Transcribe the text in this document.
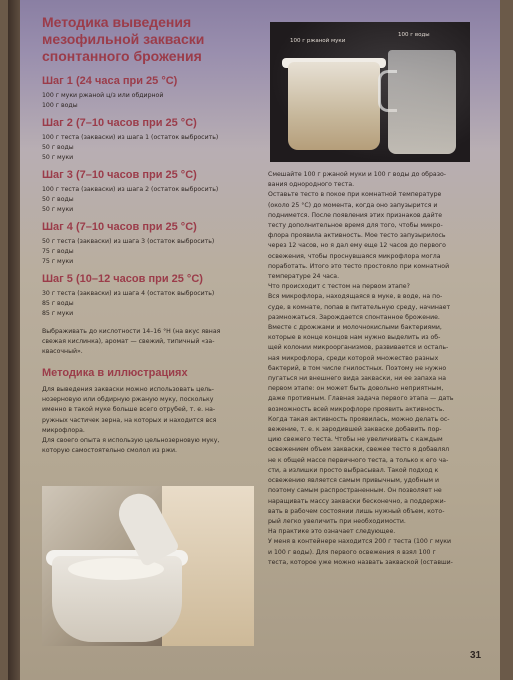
Методика выведения
мезофильной закваски
спонтанного брожения
Шаг 1 (24 часа при 25 °С)
100 г муки ржаной ц/з или обдирной
100 г воды
Шаг 2 (7–10 часов при 25 °С)
100 г теста (закваски) из шага 1 (остаток выбросить)
50 г воды
50 г муки
Шаг 3 (7–10 часов при 25 °С)
100 г теста (закваски) из шага 2 (остаток выбросить)
50 г воды
50 г муки
Шаг 4 (7–10 часов при 25 °С)
50 г теста (закваски) из шага 3 (остаток выбросить)
75 г воды
75 г муки
Шаг 5 (10–12 часов при 25 °С)
30 г теста (закваски) из шага 4 (остаток выбросить)
85 г воды
85 г муки
Выбраживать до кислотности 14–16 °Н (на вкус явная
свежая кислинка), аромат — свежий, типичный «за-
квасочный».
Методика в иллюстрациях
Для выведения закваски можно использовать цель-
нозерновую или обдирную ржаную муку, поскольку
именно в такой муке больше всего отрубей, т. е. на-
ружных частичек зерна, на которых и находится вся
микрофлора.
Для своего опыта я использую цельнозерновую муку,
которую самостоятельно смолол из ржи.
100 г ржаной муки
100 г воды
Смешайте 100 г ржаной муки и 100 г воды до образо-
вания однородного теста.
Оставьте тесто в покое при комнатной температуре
(около 25 °С) до момента, когда оно запузырится и
поднимется. После появления этих признаков дайте
тесту дополнительное время для того, чтобы микро-
флора проявила активность. Мое тесто запузырилось
через 12 часов, но я дал ему еще 12 часов до первого
освежения, чтобы проснувшаяся микрофлора могла
поработать. Итого это тесто простояло при комнатной
температуре 24 часа.
Что происходит с тестом на первом этапе?
Вся микрофлора, находящаяся в муке, в воде, на по-
суде, в комнате, попав в питательную среду, начинает
размножаться. Зарождается спонтанное брожение.
Вместе с дрожжами и молочнокислыми бактериями,
которые в конце концов нам нужно выделить из об-
щей колонии микроорганизмов, развивается и осталь-
ная микрофлора, среди которой множество разных
бактерий, в том числе гнилостных. Поэтому не нужно
пугаться ни внешнего вида закваски, ни ее запаха на
первом этапе: он может быть довольно неприятным,
даже противным. Главная задача первого этапа — дать
возможность всей микрофлоре проявить активность.
Когда такая активность проявилась, можно делать ос-
вежение, т. е. к зародившей закваске добавить пор-
цию свежего теста. Чтобы не увеличивать с каждым
освежением объем закваски, свежее тесто я добавлял
не к общей массе первичного теста, а только к его ча-
сти, а излишки просто выбрасывал. Такой подход к
освежению является самым привычным, удобным и
поэтому самым распространенным. Он позволяет не
наращивать массу закваски бесконечно, а поддержи-
вать в рабочем состоянии лишь нужный объем, кото-
рый легко увеличить при необходимости.
На практике это означает следующее.
У меня в контейнере находится 200 г теста (100 г муки
и 100 г воды). Для первого освежения я взял 100 г
теста, которое уже можно назвать закваской (оставши-
31
